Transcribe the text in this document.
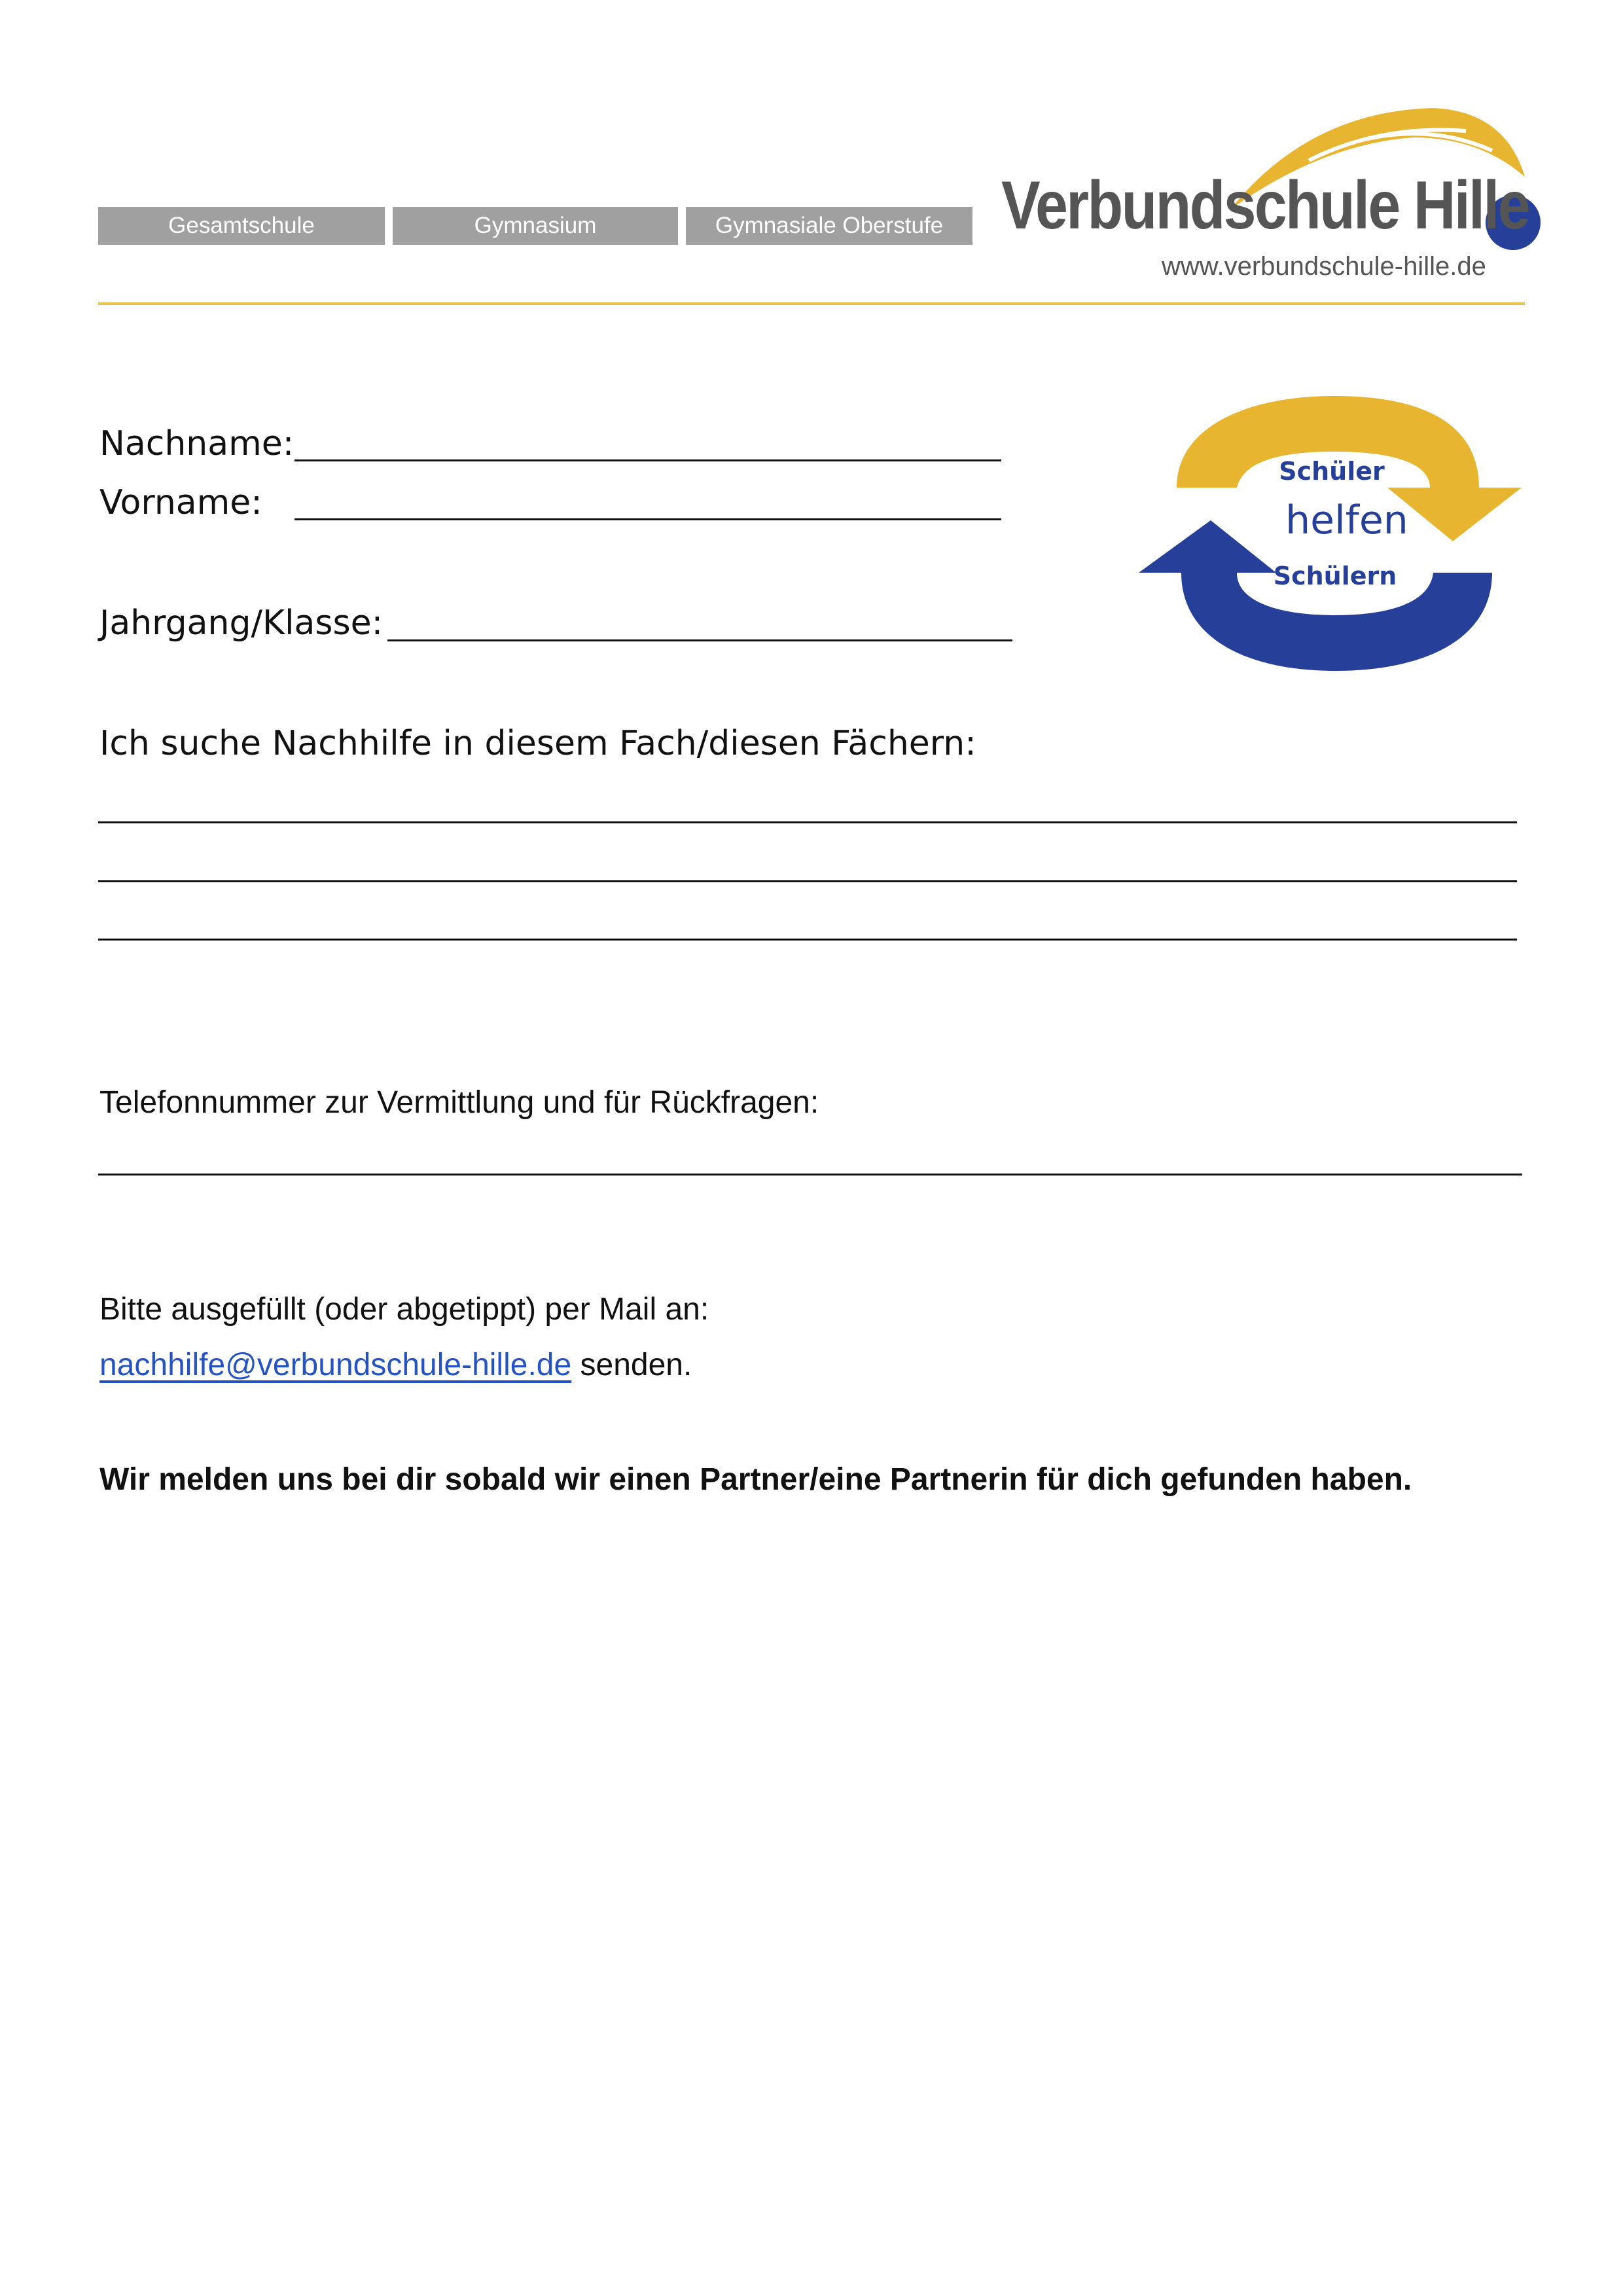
Gesamtschule	Gymnasium	Gymnasiale Oberstufe Verbundschule Hille
www.verbundschule-hille.de
Schüler
helfen
Schülern
Nachname:
Vorname:
Jahrgang/Klasse:
Ich suche Nachhilfe in diesem Fach/diesen Fächern:
Telefonnummer zur Vermittlung und für Rückfragen:
Bitte ausgefüllt (oder abgetippt) per Mail an:
nachhilfe@verbundschule-hille.de senden.
Wir melden uns bei dir sobald wir einen Partner/eine Partnerin für dich gefunden haben.
